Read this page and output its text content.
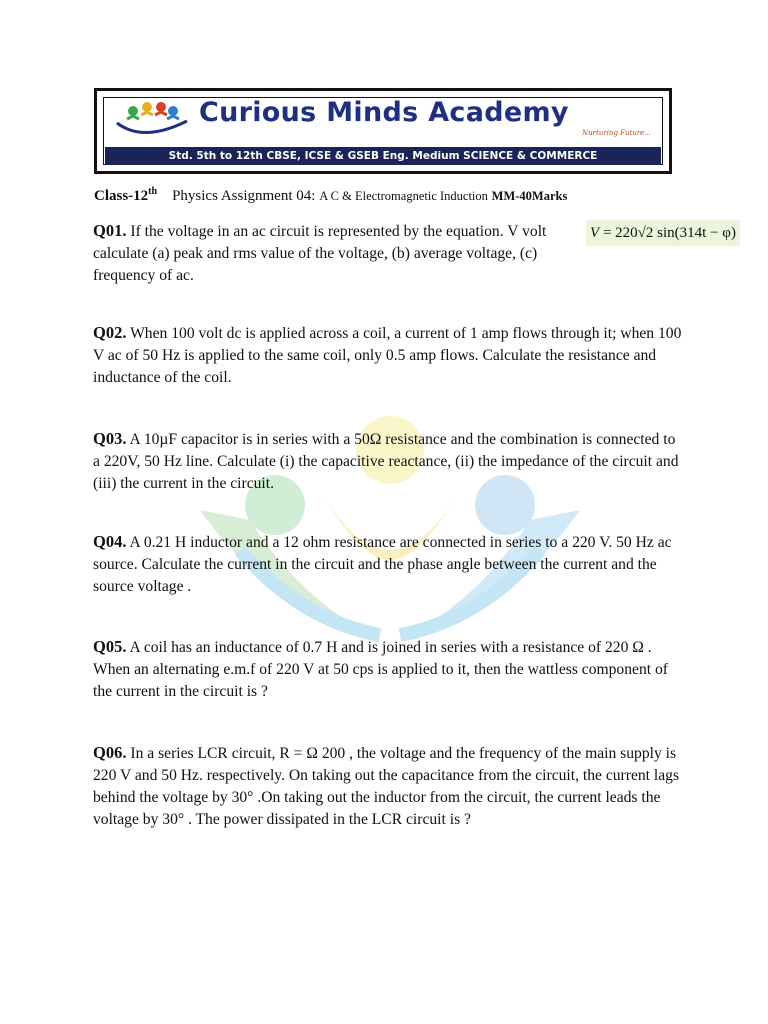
Curious Minds Academy
Nurturing Future...
Std. 5th to 12th CBSE, ICSE & GSEB Eng. Medium SCIENCE & COMMERCE
Class-12th Physics Assignment 04: A C & Electromagnetic Induction MM-40Marks
V = 220√2 sin(314t − φ)
Q01. If the voltage in an ac circuit is represented by the equation. V volt calculate (a) peak and rms value of the voltage, (b) average voltage, (c) frequency of ac.
Q02. When 100 volt dc is applied across a coil, a current of 1 amp flows through it; when 100 V ac of 50 Hz is applied to the same coil, only 0.5 amp flows. Calculate the resistance and inductance of the coil.
Q03. A 10µF capacitor is in series with a 50Ω resistance and the combination is connected to a 220V, 50 Hz line. Calculate (i) the capacitive reactance, (ii) the impedance of the circuit and (iii) the current in the circuit.
Q04. A 0.21 H inductor and a 12 ohm resistance are connected in series to a 220 V. 50 Hz ac source. Calculate the current in the circuit and the phase angle between the current and the source voltage .
Q05. A coil has an inductance of 0.7 H and is joined in series with a resistance of 220 Ω . When an alternating e.m.f of 220 V at 50 cps is applied to it, then the wattless component of the current in the circuit is ?
Q06. In a series LCR circuit, R = Ω 200 , the voltage and the frequency of the main supply is 220 V and 50 Hz. respectively. On taking out the capacitance from the circuit, the current lags behind the voltage by 30° .On taking out the inductor from the circuit, the current leads the voltage by 30° . The power dissipated in the LCR circuit is ?
